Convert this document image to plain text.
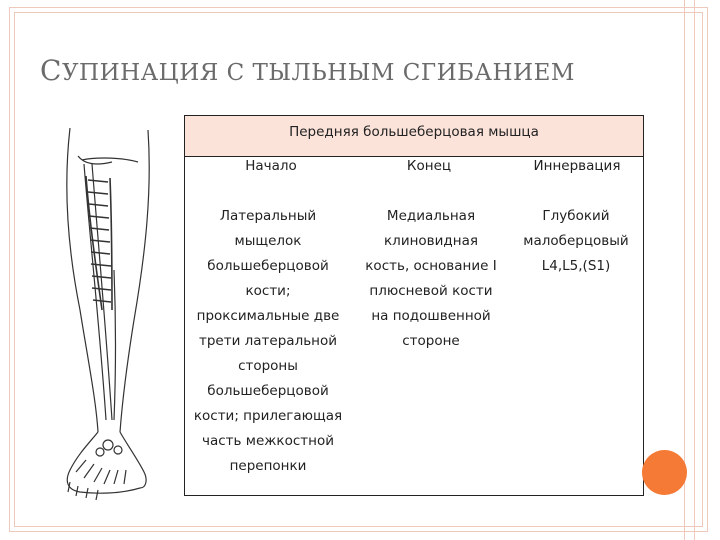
СУПИНАЦИЯ С ТЫЛЬНЫМ СГИБАНИЕМ
Передняя большеберцовая мышца
Начало	Конец	Иннервация
Латеральный
мыщелок
большеберцовой
кости;
проксимальные две
трети латеральной
стороны
большеберцовой
кости; прилегающая
часть межкостной
перепонки
Медиальная
клиновидная
кость, основание I
плюсневой кости
на подошвенной
стороне
Глубокий
малоберцовый
L4,L5,(S1)
